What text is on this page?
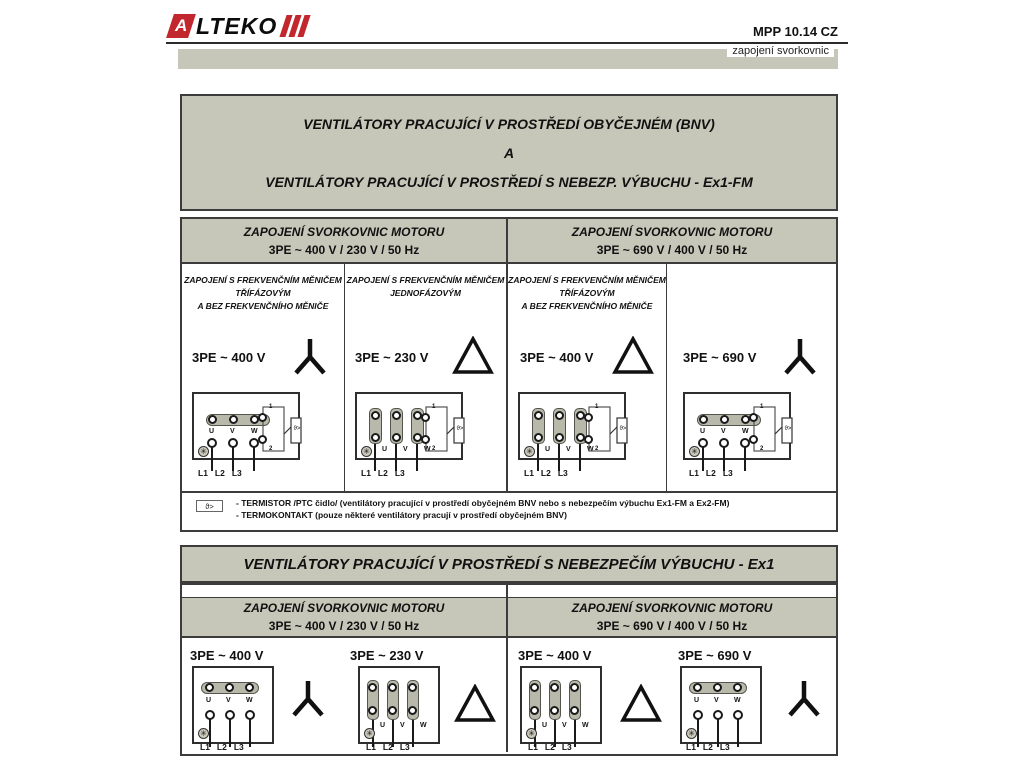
A LTEKO	MPP 10.14 CZ
zapojení svorkovnic
VENTILÁTORY PRACUJÍCÍ V PROSTŘEDÍ OBYČEJNÉM (BNV)
A
VENTILÁTORY PRACUJÍCÍ V PROSTŘEDÍ S NEBEZP. VÝBUCHU - Ex1-FM
ZAPOJENÍ SVORKOVNIC MOTORU
3PE ~ 400 V / 230 V / 50 Hz
ZAPOJENÍ SVORKOVNIC MOTORU
3PE ~ 690 V / 400 V / 50 Hz
ZAPOJENÍ S FREKVENČNÍM MĚNIČEM
TŘÍFÁZOVÝM
A BEZ FREKVENČNÍHO MĚNIČE
3PE ~ 400 V
U V W
✳
1
2
ϑ>
L1 L2 L3
ZAPOJENÍ S FREKVENČNÍM MĚNIČEM
JEDNOFÁZOVÝM
3PE ~ 230 V
U V W
✳
1
2
ϑ>
L1 L2 L3
ZAPOJENÍ S FREKVENČNÍM MĚNIČEM
TŘÍFÁZOVÝM
A BEZ FREKVENČNÍHO MĚNIČE
3PE ~ 400 V
U V W
✳
1
2
ϑ>
L1 L2 L3
3PE ~ 690 V
U V W
✳
1
2
ϑ>
L1 L2 L3
ϑ>	- TERMISTOR /PTC čidlo/ (ventilátory pracující v prostředí obyčejném BNV nebo s nebezpečím výbuchu Ex1-FM a Ex2-FM)
- TERMOKONTAKT (pouze některé ventilátory pracují v prostředí obyčejném BNV)
VENTILÁTORY PRACUJÍCÍ V PROSTŘEDÍ S NEBEZPEČÍM VÝBUCHU - Ex1
ZAPOJENÍ SVORKOVNIC MOTORU
3PE ~ 400 V / 230 V / 50 Hz
ZAPOJENÍ SVORKOVNIC MOTORU
3PE ~ 690 V / 400 V / 50 Hz
3PE ~ 400 V
U V W
✳
L1 L2 L3
3PE ~ 230 V
U V W
✳
L1 L2 L3
3PE ~ 400 V
U V W
✳
L1 L2 L3
3PE ~ 690 V
U V W
✳
L1 L2 L3
